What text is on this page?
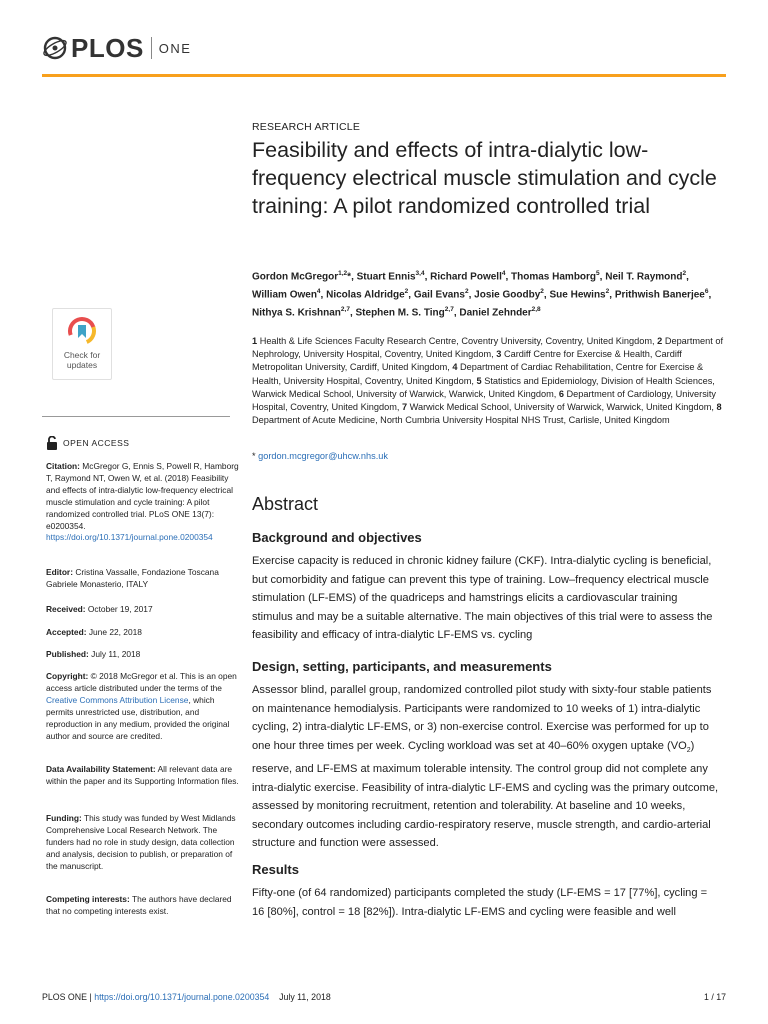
PLOS ONE
Check for updates
OPEN ACCESS
Citation: McGregor G, Ennis S, Powell R, Hamborg T, Raymond NT, Owen W, et al. (2018) Feasibility and effects of intra-dialytic low-frequency electrical muscle stimulation and cycle training: A pilot randomized controlled trial. PLoS ONE 13(7): e0200354. https://doi.org/10.1371/journal.pone.0200354
Editor: Cristina Vassalle, Fondazione Toscana Gabriele Monasterio, ITALY
Received: October 19, 2017
Accepted: June 22, 2018
Published: July 11, 2018
Copyright: © 2018 McGregor et al. This is an open access article distributed under the terms of the Creative Commons Attribution License, which permits unrestricted use, distribution, and reproduction in any medium, provided the original author and source are credited.
Data Availability Statement: All relevant data are within the paper and its Supporting Information files.
Funding: This study was funded by West Midlands Comprehensive Local Research Network. The funders had no role in study design, data collection and analysis, decision to publish, or preparation of the manuscript.
Competing interests: The authors have declared that no competing interests exist.
RESEARCH ARTICLE
Feasibility and effects of intra-dialytic low-frequency electrical muscle stimulation and cycle training: A pilot randomized controlled trial
Gordon McGregor$^{1,2}$*, Stuart Ennis$^{3,4}$, Richard Powell$^4$, Thomas Hamborg$^5$, Neil T. Raymond$^2$, William Owen$^4$, Nicolas Aldridge$^2$, Gail Evans$^2$, Josie Goodby$^2$, Sue Hewins$^2$, Prithwish Banerjee$^6$, Nithya S. Krishnan$^{2,7}$, Stephen M. S. Ting$^{2,7}$, Daniel Zehnder$^{2,8}$
1 Health & Life Sciences Faculty Research Centre, Coventry University, Coventry, United Kingdom, 2 Department of Nephrology, University Hospital, Coventry, United Kingdom, 3 Cardiff Centre for Exercise & Health, Cardiff Metropolitan University, Cardiff, United Kingdom, 4 Department of Cardiac Rehabilitation, Centre for Exercise & Health, University Hospital, Coventry, United Kingdom, 5 Statistics and Epidemiology, Division of Health Sciences, Warwick Medical School, University of Warwick, Warwick, United Kingdom, 6 Department of Cardiology, University Hospital, Coventry, United Kingdom, 7 Warwick Medical School, University of Warwick, Warwick, United Kingdom, 8 Department of Acute Medicine, North Cumbria University Hospital NHS Trust, Carlisle, United Kingdom
* gordon.mcgregor@uhcw.nhs.uk
Abstract
Background and objectives
Exercise capacity is reduced in chronic kidney failure (CKF). Intra-dialytic cycling is beneficial, but comorbidity and fatigue can prevent this type of training. Low–frequency electrical muscle stimulation (LF-EMS) of the quadriceps and hamstrings elicits a cardiovascular training stimulus and may be a suitable alternative. The main objectives of this trial were to assess the feasibility and efficacy of intra-dialytic LF-EMS vs. cycling
Design, setting, participants, and measurements
Assessor blind, parallel group, randomized controlled pilot study with sixty-four stable patients on maintenance hemodialysis. Participants were randomized to 10 weeks of 1) intra-dialytic cycling, 2) intra-dialytic LF-EMS, or 3) non-exercise control. Exercise was performed for up to one hour three times per week. Cycling workload was set at 40–60% oxygen uptake $(VO_2)$ reserve, and LF-EMS at maximum tolerable intensity. The control group did not complete any intra-dialytic exercise. Feasibility of intra-dialytic LF-EMS and cycling was the primary outcome, assessed by monitoring recruitment, retention and tolerability. At baseline and 10 weeks, secondary outcomes including cardio-respiratory reserve, muscle strength, and cardio-arterial structure and function were assessed.
Results
Fifty-one (of 64 randomized) participants completed the study (LF-EMS = 17 [77%], cycling = 16 [80%], control = 18 [82%]). Intra-dialytic LF-EMS and cycling were feasible and well
PLOS ONE | https://doi.org/10.1371/journal.pone.0200354 July 11, 2018	1 / 17
